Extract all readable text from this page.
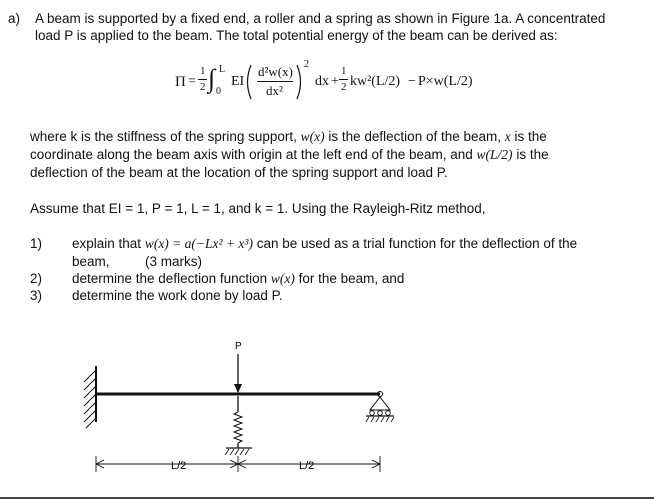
a) A beam is supported by a fixed end, a roller and a spring as shown in Figure 1a. A concentrated
load P is applied to the beam. The total potential energy of the beam can be derived as:
Π =
1
2 ∫ L
0
EI
d²w(x)
dx²
2
dx +
1
2 kw²(L/2) − P×w(L/2)
where k is the stiffness of the spring support, w(x) is the deflection of the beam, x is the
coordinate along the beam axis with origin at the left end of the beam, and w(L/2) is the
deflection of the beam at the location of the spring support and load P.
Assume that EI = 1, P = 1, L = 1, and k = 1. Using the Rayleigh-Ritz method,
1) explain that w(x) = a(−Lx² + x³) can be used as a trial function for the deflection of the
beam,	(3 marks)
2) determine the deflection function w(x) for the beam, and
3) determine the work done by load P.
P
L/2	L/2
